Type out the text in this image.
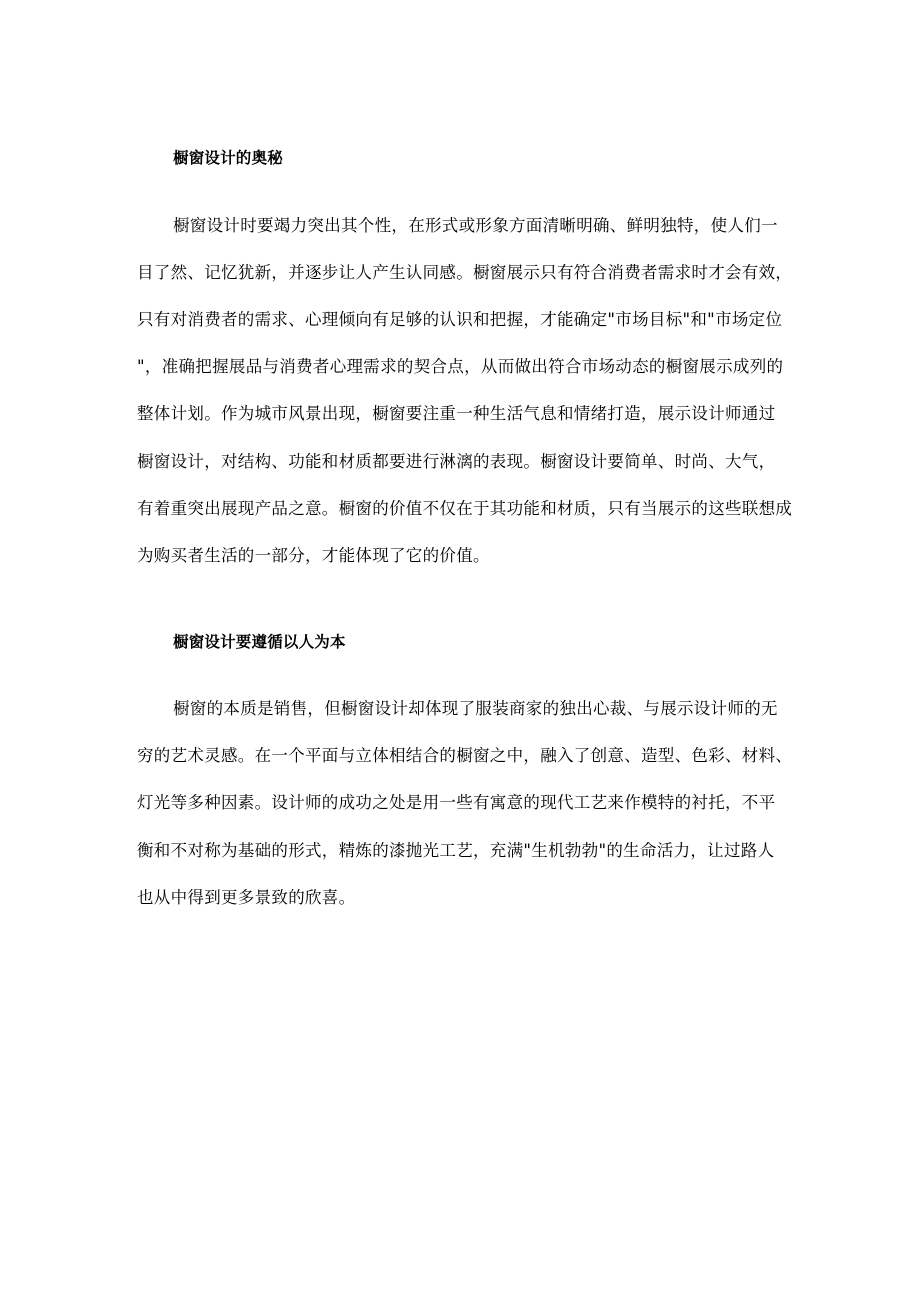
橱窗设计的奥秘
橱窗设计时要竭力突出其个性，在形式或形象方面清晰明确、鲜明独特，使人们一
目了然、记忆犹新，并逐步让人产生认同感。橱窗展示只有符合消费者需求时才会有效，
只有对消费者的需求、心理倾向有足够的认识和把握，才能确定"市场目标"和"市场定位
"，准确把握展品与消费者心理需求的契合点，从而做出符合市场动态的橱窗展示成列的
整体计划。作为城市风景出现，橱窗要注重一种生活气息和情绪打造，展示设计师通过
橱窗设计，对结构、功能和材质都要进行淋漓的表现。橱窗设计要简单、时尚、大气，
有着重突出展现产品之意。橱窗的价值不仅在于其功能和材质，只有当展示的这些联想成
为购买者生活的一部分，才能体现了它的价值。
橱窗设计要遵循以人为本
橱窗的本质是销售，但橱窗设计却体现了服装商家的独出心裁、与展示设计师的无
穷的艺术灵感。在一个平面与立体相结合的橱窗之中，融入了创意、造型、色彩、材料、
灯光等多种因素。设计师的成功之处是用一些有寓意的现代工艺来作模特的衬托，不平
衡和不对称为基础的形式，精炼的漆抛光工艺，充满"生机勃勃"的生命活力，让过路人
也从中得到更多景致的欣喜。
